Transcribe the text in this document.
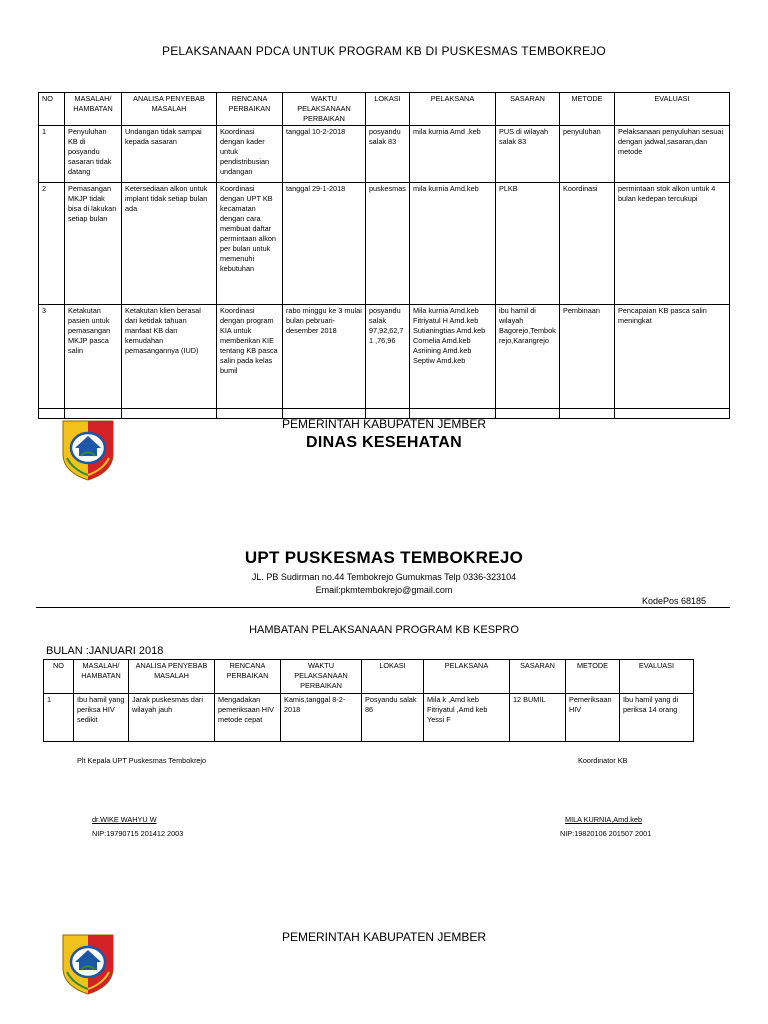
PELAKSANAAN PDCA UNTUK PROGRAM KB DI PUSKESMAS TEMBOKREJO
NO	MASALAH/ HAMBATAN	ANALISA PENYEBAB MASALAH	RENCANA PERBAIKAN	WAKTU PELAKSANAAN PERBAIKAN	LOKASI	PELAKSANA	SASARAN	METODE	EVALUASI
1	Penyuluhan KB di posyandu sasaran tidak datang	Undangan tidak sampai kepada sasaran	Koordinasi dengan kader untuk pendistribusian undangan	tanggal 10-2-2018	posyandu salak 83	mila kurnia Amd .keb	PUS di wilayah salak 83	penyuluhan	Pelaksanaan penyuluhan sesuai dengan jadwal,sasaran,dan metode
2	Pemasangan MKJP tidak bisa di lakukan setiap bulan	Ketersediaan alkon untuk implant tidak setiap bulan ada	Koordinasi dengan UPT KB kecamatan dengan cara membuat daftar permintaan alkon per bulan untuk memenuhi kebutuhan	tanggal 29-1-2018	puskesmas	mila kurnia Amd.keb	PLKB	Koordinasi	permintaan stok alkon untuk 4 bulan kedepan tercukupi
3	Ketakutan pasien untuk pemasangan MKJP pasca salin	Ketakutan klien berasal dari ketidak tahuan manfaat KB dan kemudahan pemasangannya (IUD)	Koordinasi dengan program KIA untuk memberikan KIE tentang KB pasca salin pada kelas bumil	rabo minggu ke 3 mulai bulan pebruari- desember 2018	posyandu salak 97,92,62,71 ,76,96	Mila kurnia Amd.keb Fitriyatul H Amd.keb Sutianingtias Amd.keb Cornelia Amd.keb Asriining Amd.keb Septiw Amd.keb	ibu hamil di wilayah Bagorejo,Tembokrejo,Karangrejo	Pembinaan	Pencapaian KB pasca salin meningkat

PEMERINTAH KABUPATEN JEMBER
DINAS KESEHATAN
UPT PUSKESMAS TEMBOKREJO
JL. PB Sudirman no.44 Tembokrejo Gumukmas Telp 0336-323104
Email:pkmtembokrejo@gmail.com
KodePos 68185
HAMBATAN PELAKSANAAN PROGRAM KB KESPRO
BULAN :JANUARI 2018
NO	MASALAH/ HAMBATAN	ANALISA PENYEBAB MASALAH	RENCANA PERBAIKAN	WAKTU PELAKSANAAN PERBAIKAN	LOKASI	PELAKSANA	SASARAN	METODE	EVALUASI
1	Ibu hamil yang periksa HIV sedikit	Jarak puskesmas dari wilayah jauh	Mengadakan pemeriksaan HIV metode cepat	Kamis,tanggal 8-2-2018	Posyandu salak 86	Mila k ,Amd keb Fitriyatul ,Amd keb Yessi F	12 BUMIL	Pemeriksaan HIV	Ibu hamil yang di periksa 14 orang
Plt Kepala UPT Puskesmas Tembokrejo	Koordinator KB
dr.WIKE WAHYU W	MILA KURNIA,Amd.keb
NIP:19790715 201412 2003	NIP:19820106 201507 2001
PEMERINTAH KABUPATEN JEMBER
